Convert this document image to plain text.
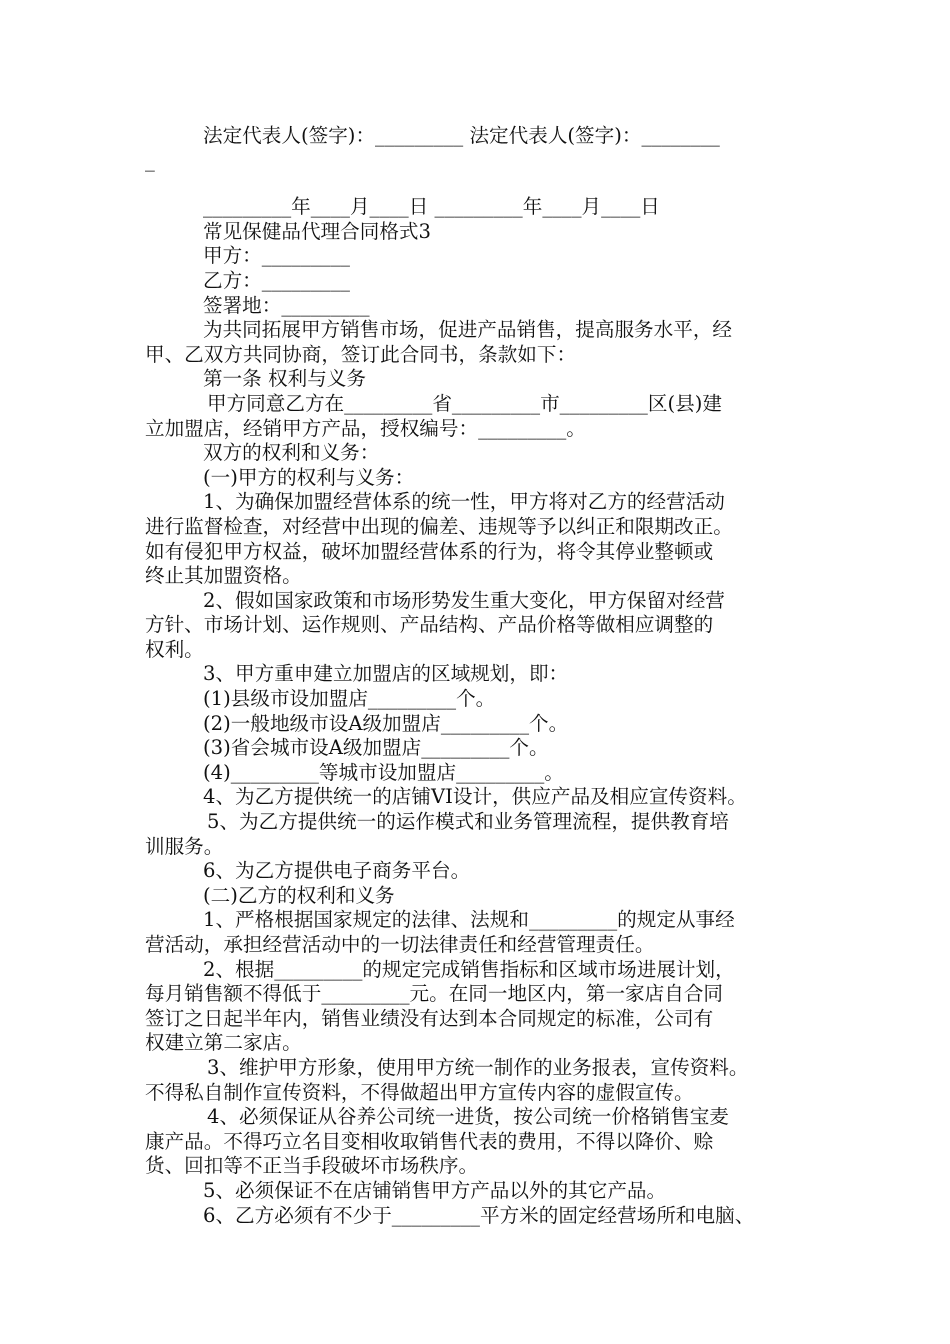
法定代表人(签字)：_________ 法定代表人(签字)：________
_
_________年____月____日 _________年____月____日
常见保健品代理合同格式3
甲方：_________
乙方：_________
签署地：_________
为共同拓展甲方销售市场，促进产品销售，提高服务水平，经
甲、乙双方共同协商，签订此合同书，条款如下：
第一条 权利与义务
甲方同意乙方在_________省_________市_________区(县)建
立加盟店，经销甲方产品，授权编号：_________。
双方的权利和义务：
(一)甲方的权利与义务：
1、为确保加盟经营体系的统一性，甲方将对乙方的经营活动
进行监督检查，对经营中出现的偏差、违规等予以纠正和限期改正。
如有侵犯甲方权益，破坏加盟经营体系的行为，将令其停业整顿或
终止其加盟资格。
2、假如国家政策和市场形势发生重大变化，甲方保留对经营
方针、市场计划、运作规则、产品结构、产品价格等做相应调整的
权利。
3、甲方重申建立加盟店的区域规划，即：
(1)县级市设加盟店_________个。
(2)一般地级市设A级加盟店_________个。
(3)省会城市设A级加盟店_________个。
(4)_________等城市设加盟店_________。
4、为乙方提供统一的店铺VI设计，供应产品及相应宣传资料。
5、为乙方提供统一的运作模式和业务管理流程，提供教育培
训服务。
6、为乙方提供电子商务平台。
(二)乙方的权利和义务
1、严格根据国家规定的法律、法规和_________的规定从事经
营活动，承担经营活动中的一切法律责任和经营管理责任。
2、根据_________的规定完成销售指标和区域市场进展计划，
每月销售额不得低于_________元。在同一地区内，第一家店自合同
签订之日起半年内，销售业绩没有达到本合同规定的标准，公司有
权建立第二家店。
3、维护甲方形象，使用甲方统一制作的业务报表，宣传资料。
不得私自制作宣传资料，不得做超出甲方宣传内容的虚假宣传。
4、必须保证从谷养公司统一进货，按公司统一价格销售宝麦
康产品。不得巧立名目变相收取销售代表的费用，不得以降价、赊
货、回扣等不正当手段破坏市场秩序。
5、必须保证不在店铺销售甲方产品以外的其它产品。
6、乙方必须有不少于_________平方米的固定经营场所和电脑、
